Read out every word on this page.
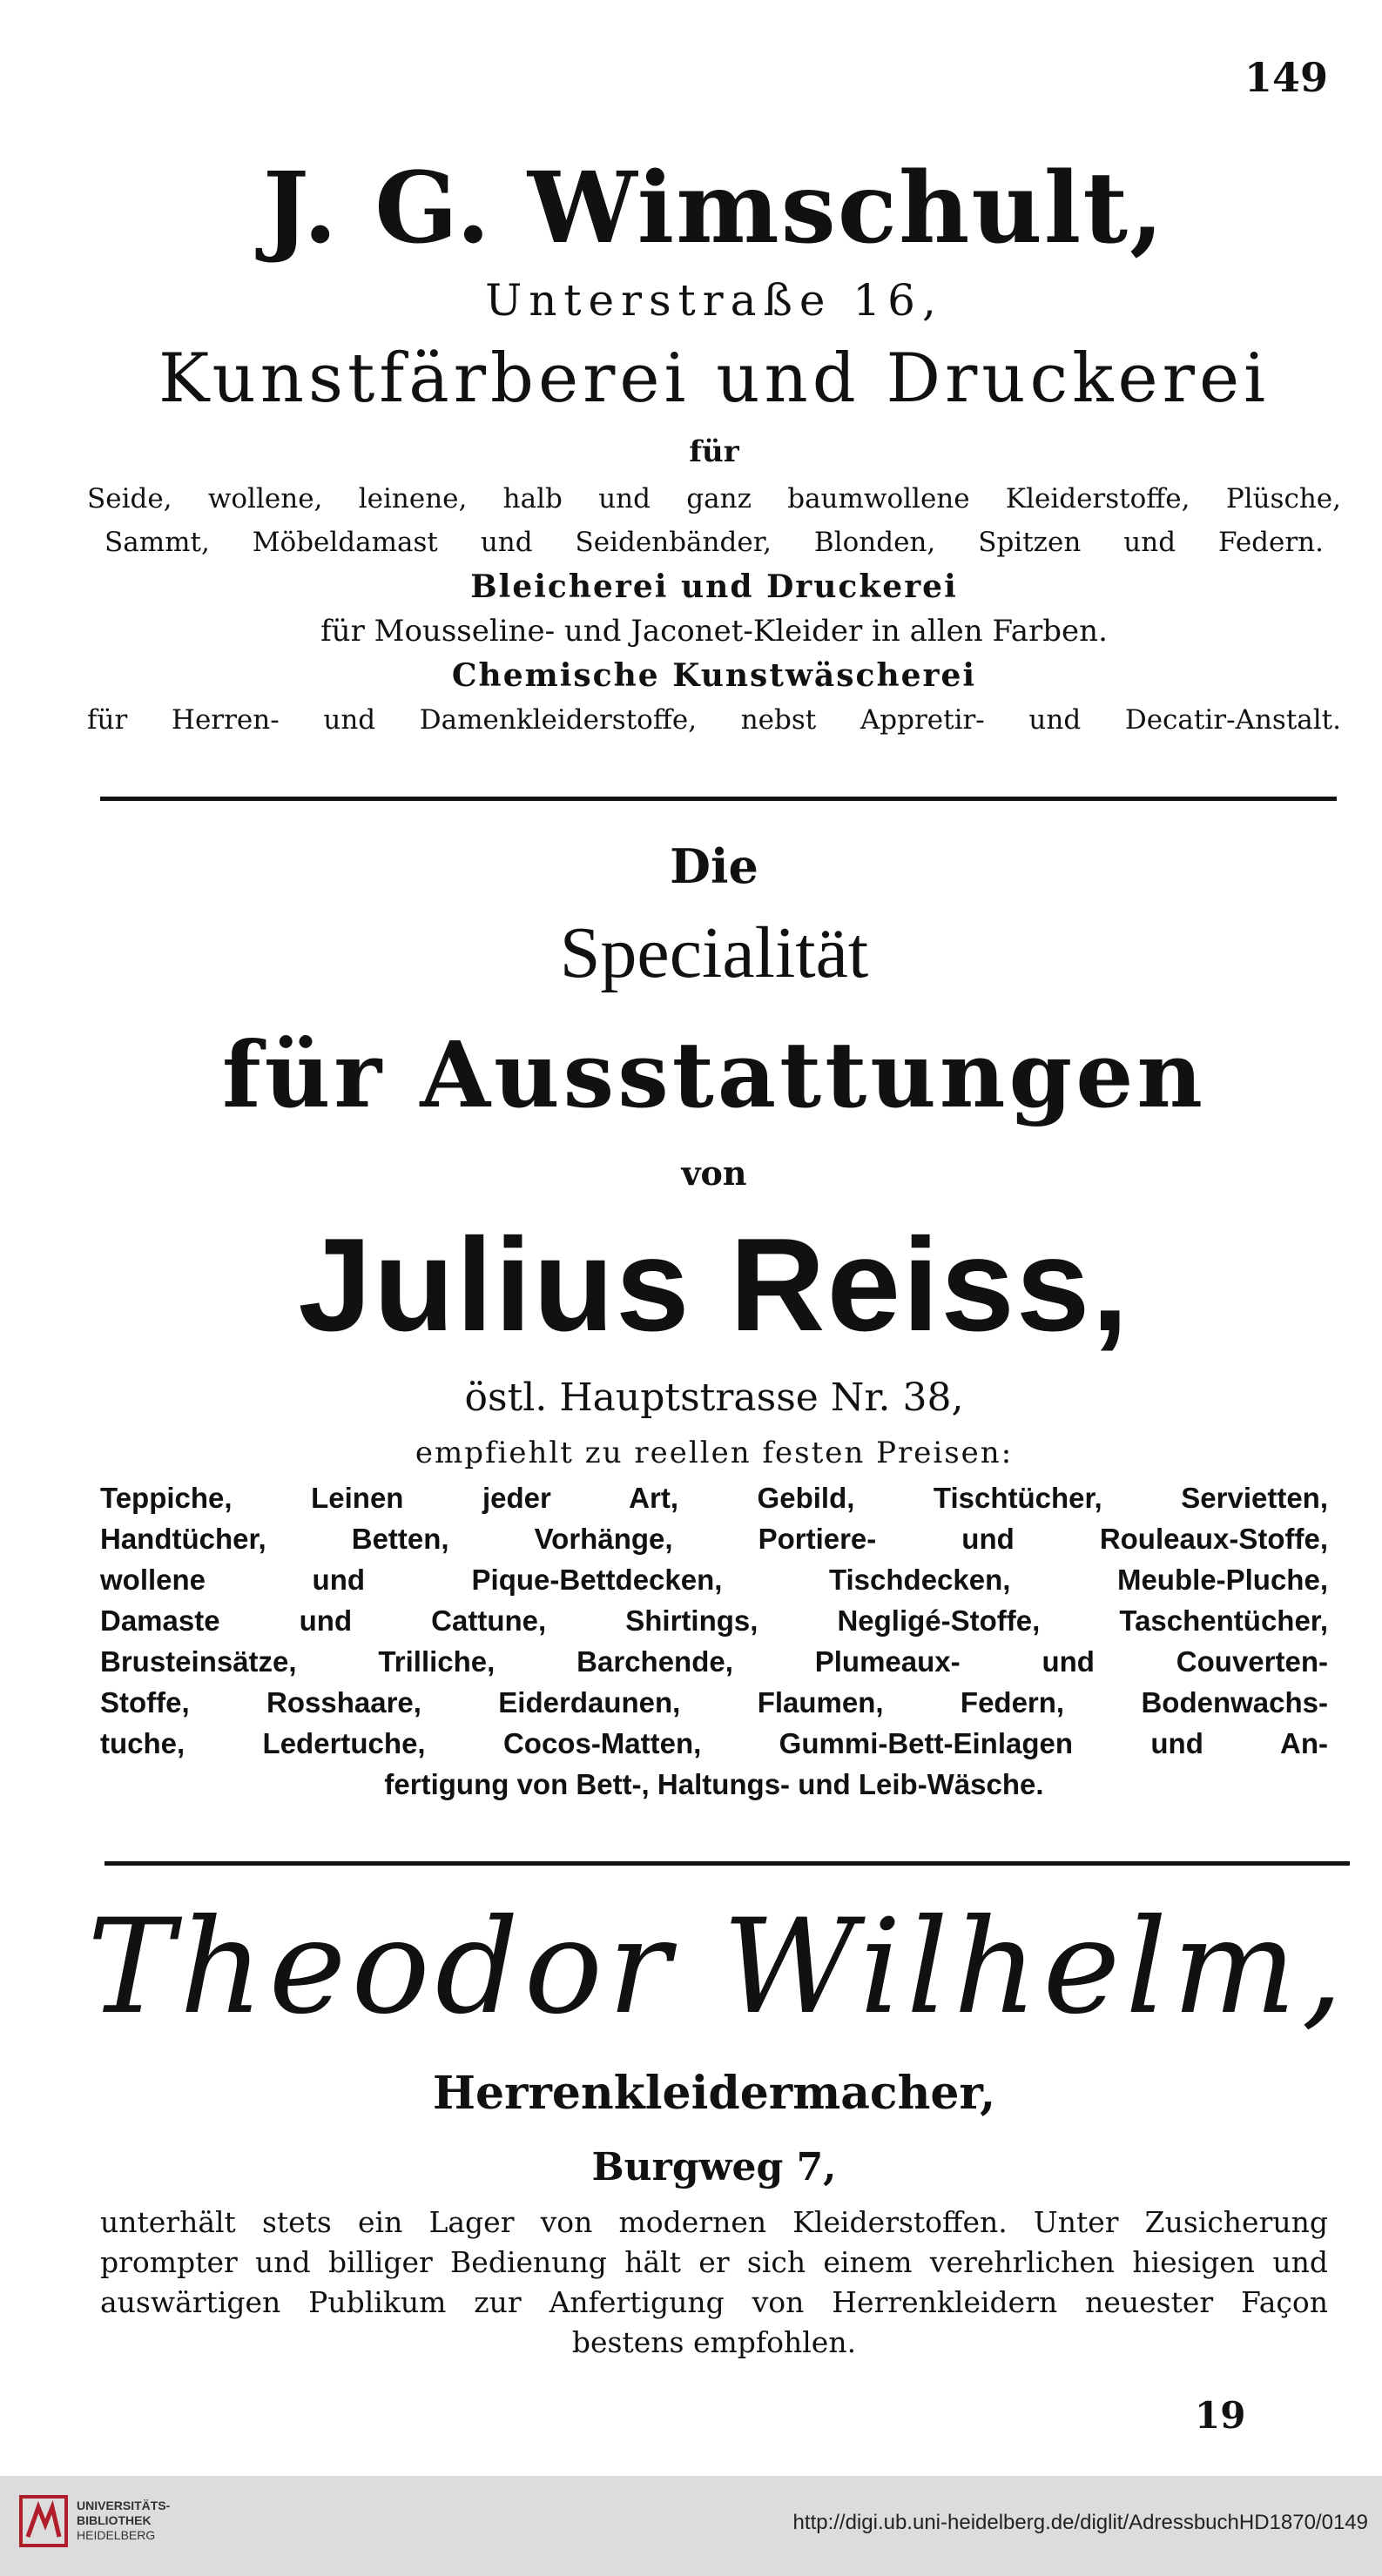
149
J. G. Wimschult,
Unterstraße 16,
Kunstfärberei und Druckerei
für
Seide, wollene, leinene, halb und ganz baumwollene Kleiderstoffe, Plüsche,
Sammt, Möbeldamast und Seidenbänder, Blonden, Spitzen und Federn.
Bleicherei und Druckerei
für Mousseline- und Jaconet-Kleider in allen Farben.
Chemische Kunstwäscherei
für Herren- und Damenkleiderstoffe, nebst Appretir- und Decatir-Anstalt.
Die
Specialität
für Ausstattungen
von
Julius Reiss,
östl. Hauptstrasse Nr. 38,
empfiehlt zu reellen festen Preisen:
Teppiche, Leinen jeder Art, Gebild, Tischtücher, Servietten,
Handtücher, Betten, Vorhänge, Portiere- und Rouleaux-Stoffe,
wollene und Pique-Bettdecken, Tischdecken, Meuble-Pluche,
Damaste und Cattune, Shirtings, Negligé-Stoffe, Taschentücher,
Brusteinsätze, Trilliche, Barchende, Plumeaux- und Couverten-
Stoffe, Rosshaare, Eiderdaunen, Flaumen, Federn, Bodenwachs-
tuche, Ledertuche, Cocos-Matten, Gummi-Bett-Einlagen und An-
fertigung von Bett-, Haltungs- und Leib-Wäsche.
Theodor Wilhelm,
Herrenkleidermacher,
Burgweg 7,
unterhält stets ein Lager von modernen Kleiderstoffen. Unter Zusicherung
prompter und billiger Bedienung hält er sich einem verehrlichen hiesigen und
auswärtigen Publikum zur Anfertigung von Herrenkleidern neuester Façon
bestens empfohlen.
19
UNIVERSITÄTS-
BIBLIOTHEK
HEIDELBERG
http://digi.ub.uni-heidelberg.de/diglit/AdressbuchHD1870/0149
